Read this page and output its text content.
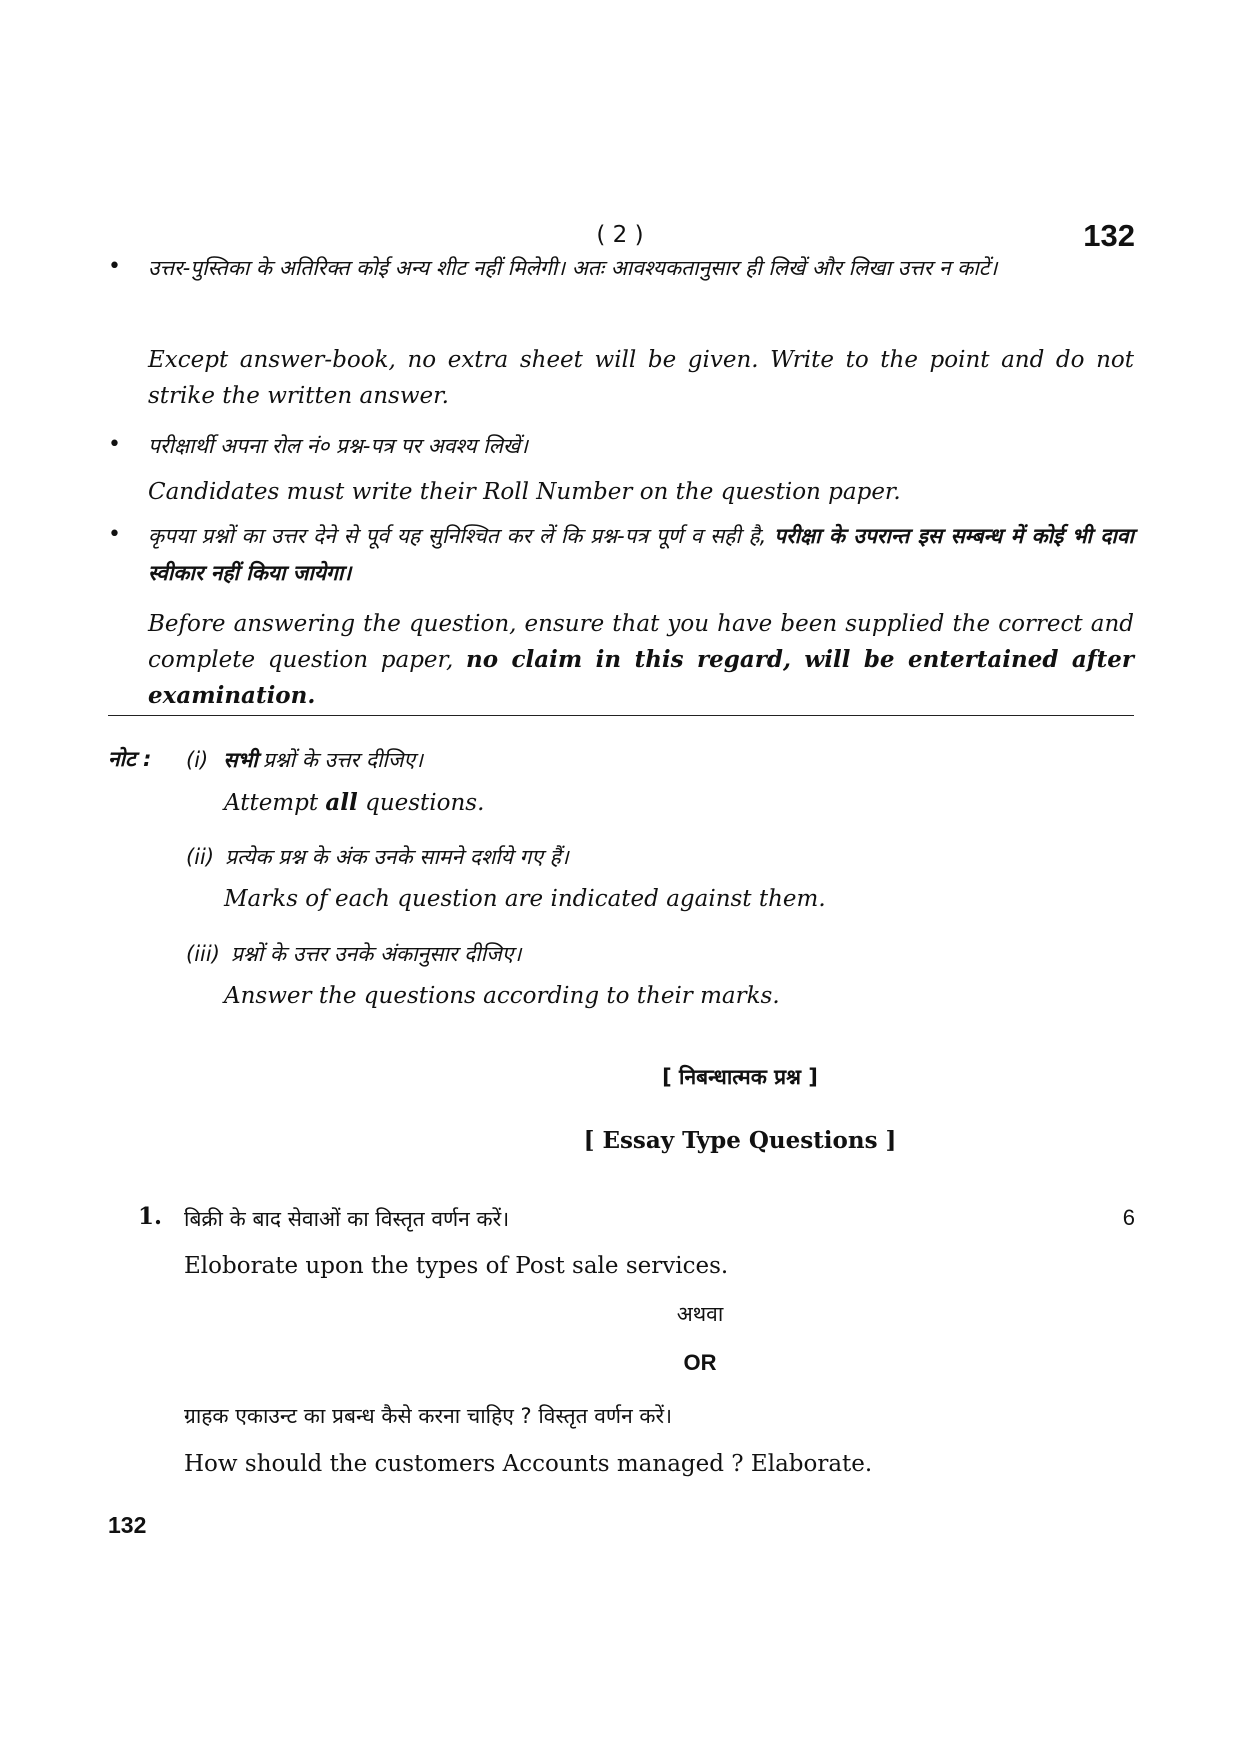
( 2 )	132
• उत्तर-पुस्तिका के अतिरिक्त कोई अन्य शीट नहीं मिलेगी। अतः आवश्यकतानुसार ही लिखें और लिखा उत्तर न काटें।
Except answer-book, no extra sheet will be given. Write to the point and do not strike the written answer.
• परीक्षार्थी अपना रोल नं० प्रश्न-पत्र पर अवश्य लिखें।
Candidates must write their Roll Number on the question paper.
• कृपया प्रश्नों का उत्तर देने से पूर्व यह सुनिश्चित कर लें कि प्रश्न-पत्र पूर्ण व सही है, परीक्षा के उपरान्त इस सम्बन्ध में कोई भी दावा स्वीकार नहीं किया जायेगा।
Before answering the question, ensure that you have been supplied the correct and complete question paper, no claim in this regard, will be entertained after examination.
नोट : (i) सभी प्रश्नों के उत्तर दीजिए।
Attempt all questions.
(ii) प्रत्येक प्रश्न के अंक उनके सामने दर्शाये गए हैं।
Marks of each question are indicated against them.
(iii) प्रश्नों के उत्तर उनके अंकानुसार दीजिए।
Answer the questions according to their marks.
[ निबन्धात्मक प्रश्न ]
[ Essay Type Questions ]
1. बिक्री के बाद सेवाओं का विस्तृत वर्णन करें।	6
Eloborate upon the types of Post sale services.
अथवा
OR
ग्राहक एकाउन्ट का प्रबन्ध कैसे करना चाहिए ? विस्तृत वर्णन करें।
How should the customers Accounts managed ? Elaborate.
132
